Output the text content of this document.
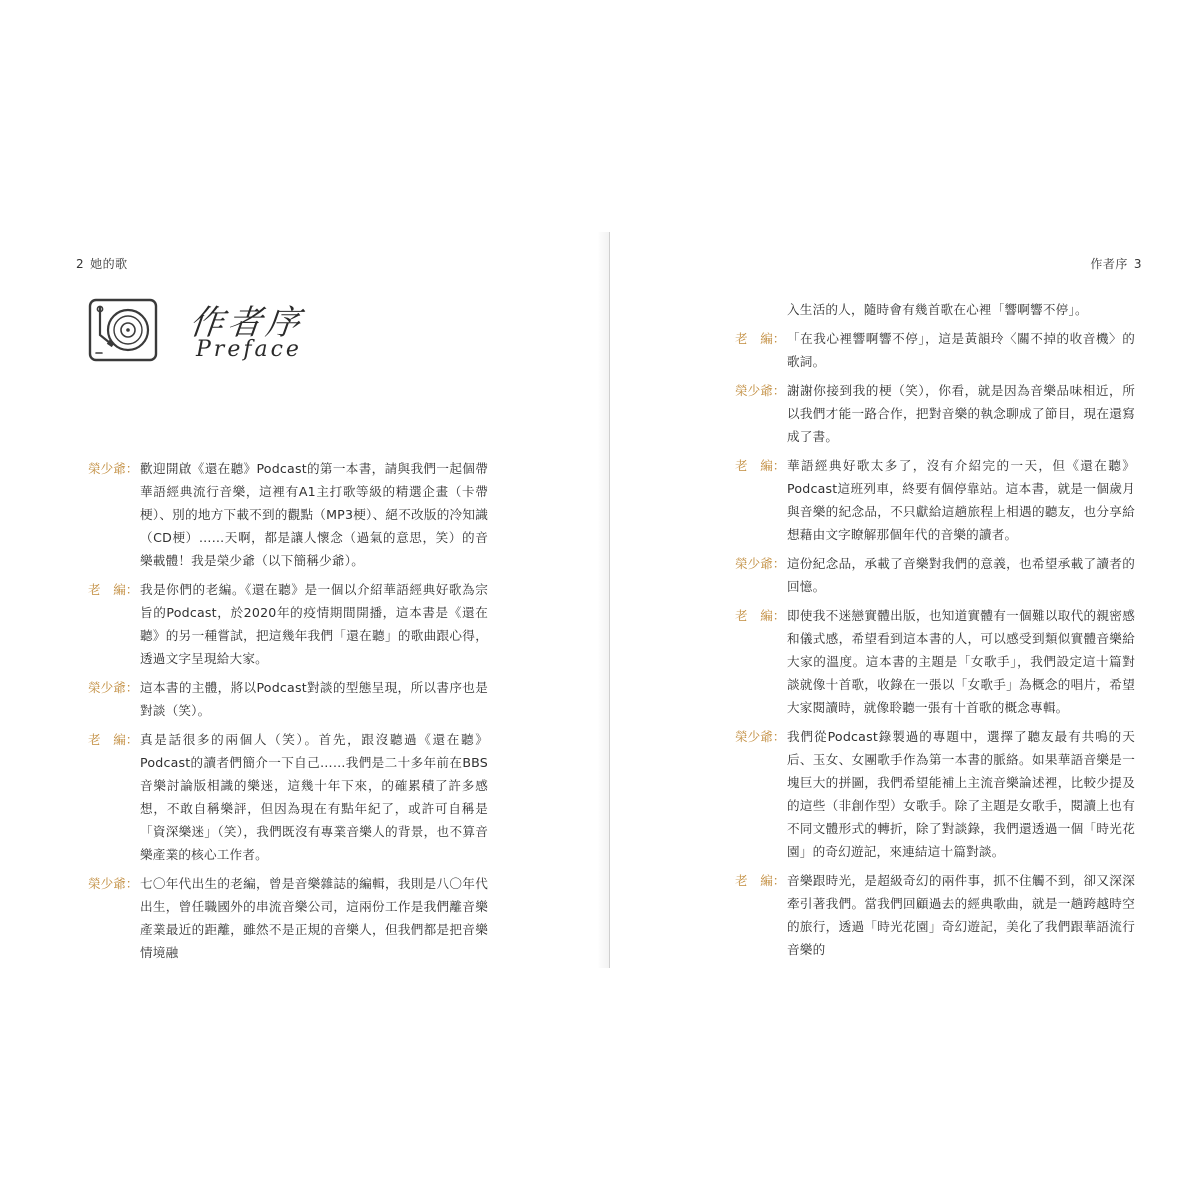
2 她的歌
作者序
Preface
榮少爺： 歡迎開啟《還在聽》Podcast的第一本書，請與我們一起個帶華語經典流行音樂，這裡有A1主打歌等級的精選企畫（卡帶梗）、別的地方下載不到的觀點（MP3梗）、絕不改版的冷知識（CD梗）……天啊，都是讓人懷念（過氣的意思，笑）的音樂載體！我是榮少爺（以下簡稱少爺）。
老　編： 我是你們的老編。《還在聽》是一個以介紹華語經典好歌為宗旨的Podcast，於2020年的疫情期間開播，這本書是《還在聽》的另一種嘗試，把這幾年我們「還在聽」的歌曲跟心得，透過文字呈現給大家。
榮少爺： 這本書的主體，將以Podcast對談的型態呈現，所以書序也是對談（笑）。
老　編： 真是話很多的兩個人（笑）。首先，跟沒聽過《還在聽》Podcast的讀者們簡介一下自己……我們是二十多年前在BBS音樂討論版相識的樂迷，這幾十年下來，的確累積了許多感想，不敢自稱樂評，但因為現在有點年紀了，或許可自稱是「資深樂迷」（笑），我們既沒有專業音樂人的背景，也不算音樂產業的核心工作者。
榮少爺： 七〇年代出生的老編，曾是音樂雜誌的編輯，我則是八〇年代出生，曾任職國外的串流音樂公司，這兩份工作是我們離音樂產業最近的距離，雖然不是正規的音樂人，但我們都是把音樂情境融
作者序 3
入生活的人，隨時會有幾首歌在心裡「響啊響不停」。
老　編： 「在我心裡響啊響不停」，這是黃韻玲〈關不掉的收音機〉的歌詞。
榮少爺： 謝謝你接到我的梗（笑），你看，就是因為音樂品味相近，所以我們才能一路合作，把對音樂的執念聊成了節目，現在還寫成了書。
老　編： 華語經典好歌太多了，沒有介紹完的一天，但《還在聽》Podcast這班列車，終要有個停靠站。這本書，就是一個歲月與音樂的紀念品，不只獻給這趟旅程上相遇的聽友，也分享給想藉由文字瞭解那個年代的音樂的讀者。
榮少爺： 這份紀念品，承載了音樂對我們的意義，也希望承載了讀者的回憶。
老　編： 即使我不迷戀實體出版，也知道實體有一個難以取代的親密感和儀式感，希望看到這本書的人，可以感受到類似實體音樂給大家的溫度。這本書的主題是「女歌手」，我們設定這十篇對談就像十首歌，收錄在一張以「女歌手」為概念的唱片，希望大家閱讀時，就像聆聽一張有十首歌的概念專輯。
榮少爺： 我們從Podcast錄製過的專題中，選擇了聽友最有共鳴的天后、玉女、女團歌手作為第一本書的脈絡。如果華語音樂是一塊巨大的拼圖，我們希望能補上主流音樂論述裡，比較少提及的這些（非創作型）女歌手。除了主題是女歌手，閱讀上也有不同文體形式的轉折，除了對談錄，我們還透過一個「時光花園」的奇幻遊記，來連結這十篇對談。
老　編： 音樂跟時光，是超級奇幻的兩件事，抓不住觸不到，卻又深深牽引著我們。當我們回顧過去的經典歌曲，就是一趟跨越時空的旅行，透過「時光花園」奇幻遊記，美化了我們跟華語流行音樂的
